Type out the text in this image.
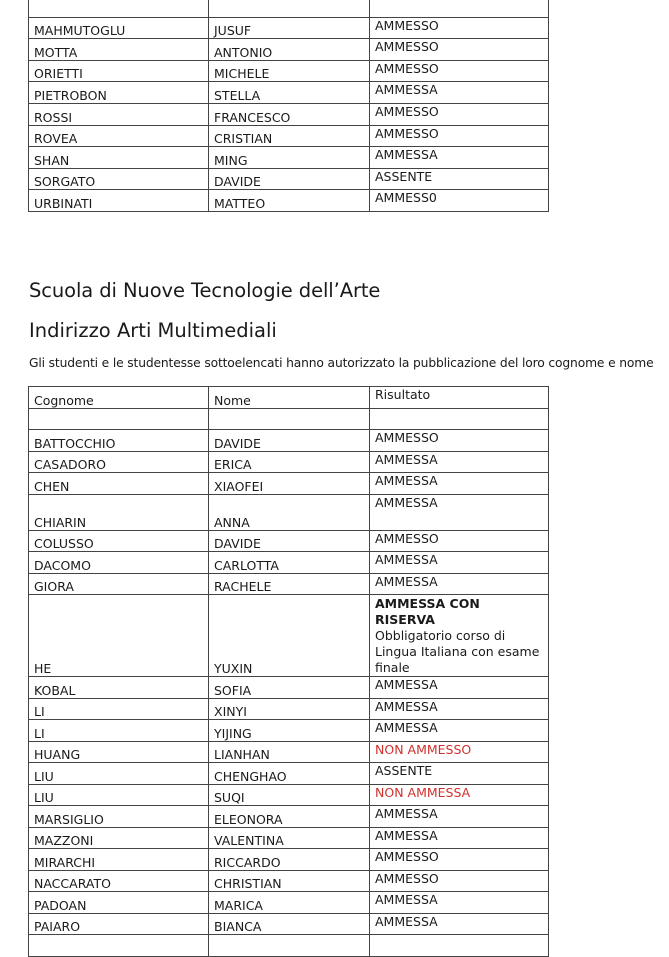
MAHMUTOGLU	JUSUF	AMMESSO
MOTTA	ANTONIO	AMMESSO
ORIETTI	MICHELE	AMMESSO
PIETROBON	STELLA	AMMESSA
ROSSI	FRANCESCO	AMMESSO
ROVEA	CRISTIAN	AMMESSO
SHAN	MING	AMMESSA
SORGATO	DAVIDE	ASSENTE
URBINATI	MATTEO	AMMESS0
Scuola di Nuove Tecnologie dell’Arte
Indirizzo Arti Multimediali

Gli studenti e le studentesse sottoelencati hanno autorizzato la pubblicazione del loro cognome e nome

Cognome	Nome	Risultato

BATTOCCHIO	DAVIDE	AMMESSO
CASADORO	ERICA	AMMESSA
CHEN	XIAOFEI	AMMESSA
CHIARIN	ANNA	AMMESSA
COLUSSO	DAVIDE	AMMESSO
DACOMO	CARLOTTA	AMMESSA
GIORA	RACHELE	AMMESSA
HE	YUXIN	AMMESSA CON RISERVA
Obbligatorio corso di Lingua Italiana con esame finale
KOBAL	SOFIA	AMMESSA
LI	XINYI	AMMESSA
LI	YIJING	AMMESSA
HUANG	LIANHAN	NON AMMESSO
LIU	CHENGHAO	ASSENTE
LIU	SUQI	NON AMMESSA
MARSIGLIO	ELEONORA	AMMESSA
MAZZONI	VALENTINA	AMMESSA
MIRARCHI	RICCARDO	AMMESSO
NACCARATO	CHRISTIAN	AMMESSO
PADOAN	MARICA	AMMESSA
PAIARO	BIANCA	AMMESSA
